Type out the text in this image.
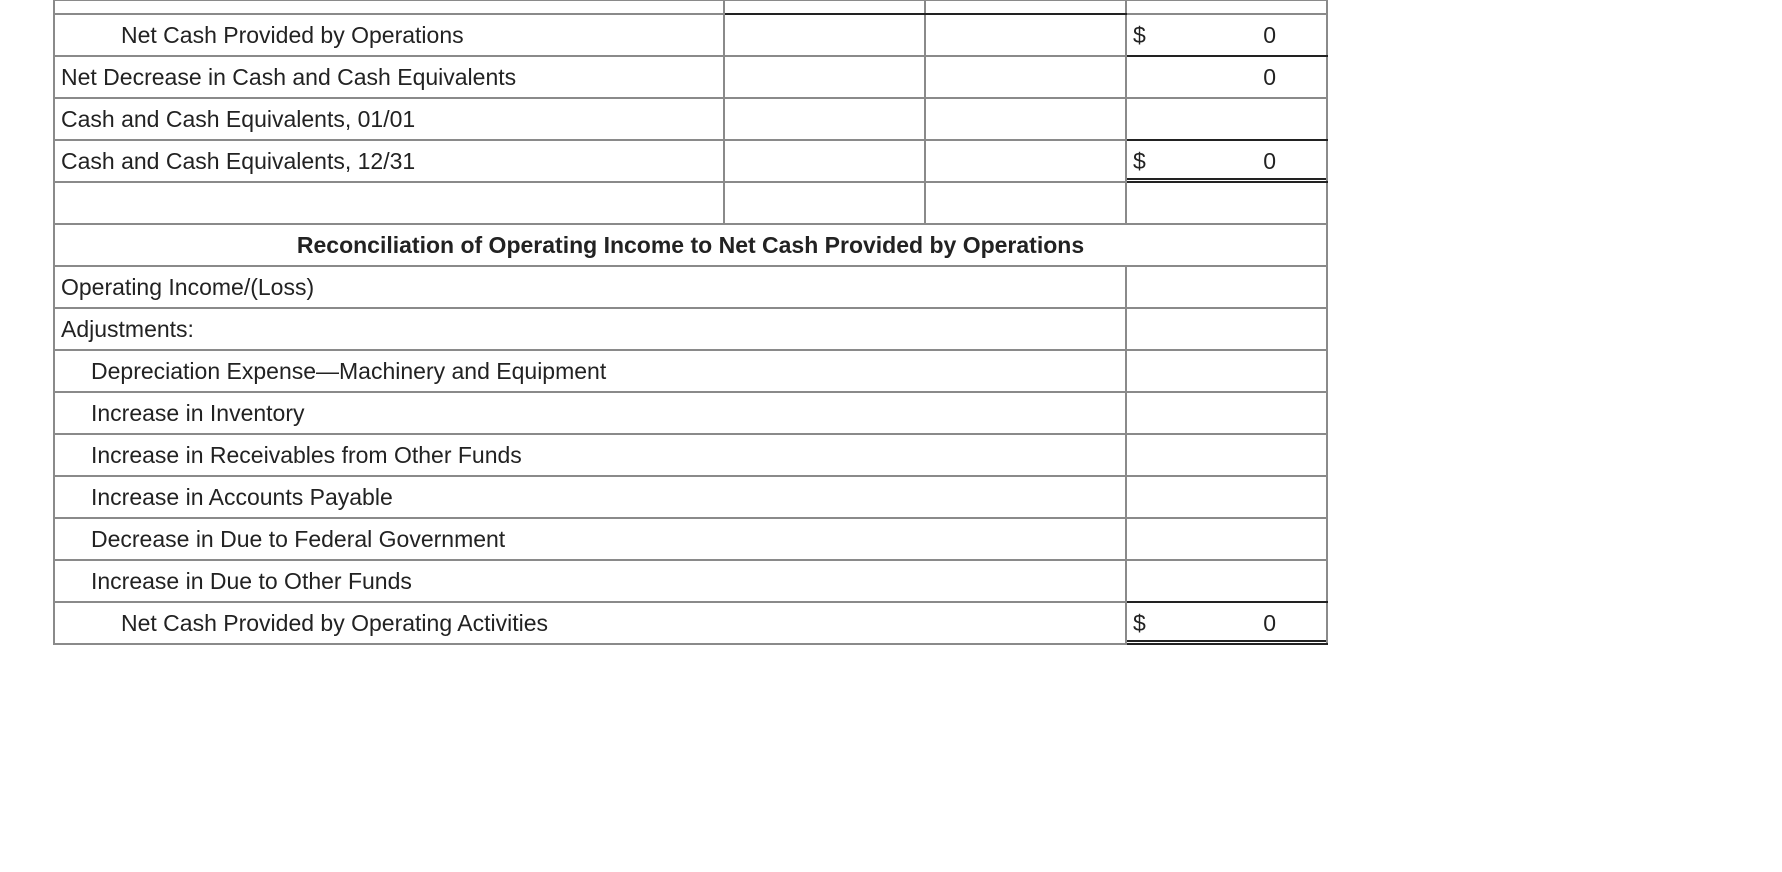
Net Cash Provided by Operations			$ 0

Net Decrease in Cash and Cash Equivalents			0
Cash and Cash Equivalents, 01/01			
Cash and Cash Equivalents, 12/31			$ 0

Reconciliation of Operating Income to Net Cash Provided by Operations			
Operating Income/(Loss)			
Adjustments:			
Depreciation Expense—Machinery and Equipment			
Increase in Inventory			
Increase in Receivables from Other Funds			
Increase in Accounts Payable			
Decrease in Due to Federal Government			
Increase in Due to Other Funds			
Net Cash Provided by Operating Activities			$ 0
